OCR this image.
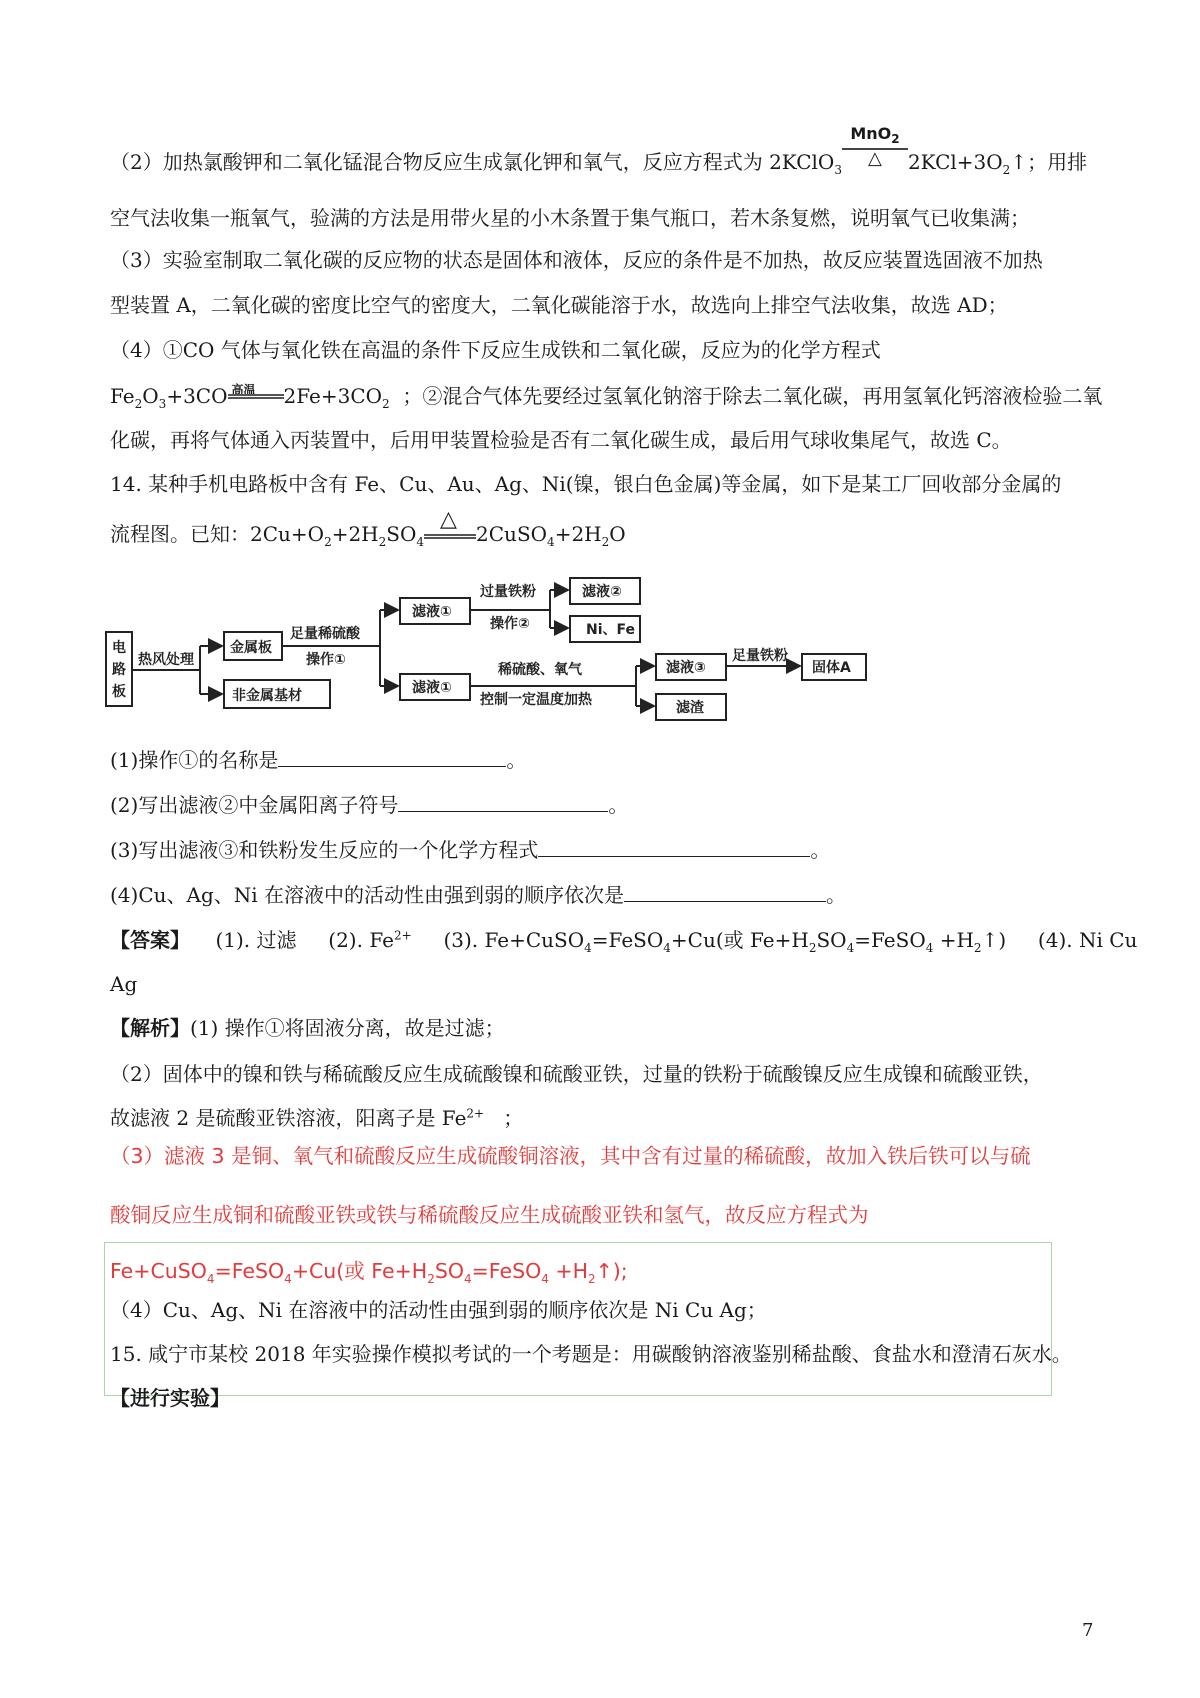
（2）加热氯酸钾和二氧化锰混合物反应生成氯化钾和氧气，反应方程式为 2KClO$_3$
MnO$_2$
△	$2KCl+3O_2↑$；用排
空气法收集一瓶氧气，验满的方法是用带火星的小木条置于集气瓶口，若木条复燃，说明氧气已收集满；
（3）实验室制取二氧化碳的反应物的状态是固体和液体，反应的条件是不加热，故反应装置选固液不加热
型装置 A，二氧化碳的密度比空气的密度大，二氧化碳能溶于水，故选向上排空气法收集，故选 AD；
（4）①CO 气体与氧化铁在高温的条件下反应生成铁和二氧化碳，反应为的化学方程式
$Fe_2O_3+3CO$ 高温 $2Fe+3CO_2$ ；②混合气体先要经过氢氧化钠溶于除去二氧化碳，再用氢氧化钙溶液检验二氧
化碳，再将气体通入丙装置中，后用甲装置检验是否有二氧化碳生成，最后用气球收集尾气，故选 C。
14. 某种手机电路板中含有 Fe、Cu、Au、Ag、Ni(镍，银白色金属)等金属，如下是某工厂回收部分金属的
流程图。已知：$2Cu+O_2+2H_2SO_4$
△
$2CuSO_4+2H_2O$
电
路
板
热风处理
金属板
非金属基材
足量稀硫酸
操作①
滤液①
滤液①
过量铁粉
操作②
滤液②
Ni、Fe
稀硫酸、氧气
控制一定温度加热
滤液③
滤渣
足量铁粉
固体A
(1)操作①的名称是	。
(2)写出滤液②中金属阳离子符号	。
(3)写出滤液③和铁粉发生反应的一个化学方程式	。
(4)Cu、Ag、Ni 在溶液中的活动性由强到弱的顺序依次是	。
【答案】 (1). 过滤 (2). $Fe^{2+}$ (3). Fe+CuSO$_4$=FeSO$_4$+Cu(或 $Fe+H_2SO_4=FeSO_4$ $+H_2↑$) (4). Ni Cu
Ag
【解析】(1) 操作①将固液分离，故是过滤；
（2）固体中的镍和铁与稀硫酸反应生成硫酸镍和硫酸亚铁，过量的铁粉于硫酸镍反应生成镍和硫酸亚铁，
故滤液 2 是硫酸亚铁溶液，阳离子是 $Fe^{2+}$ ；
（3）滤液 3 是铜、氧气和硫酸反应生成硫酸铜溶液，其中含有过量的稀硫酸，故加入铁后铁可以与硫
酸铜反应生成铜和硫酸亚铁或铁与稀硫酸反应生成硫酸亚铁和氢气，故反应方程式为
Fe+CuSO$_4$=FeSO$_4$+Cu(或 $Fe+H_2SO_4=FeSO_4$ $+H_2↑$);
（4）Cu、Ag、Ni 在溶液中的活动性由强到弱的顺序依次是 Ni Cu Ag；
15. 咸宁市某校 2018 年实验操作模拟考试的一个考题是：用碳酸钠溶液鉴别稀盐酸、食盐水和澄清石灰水。
【进行实验】
7
